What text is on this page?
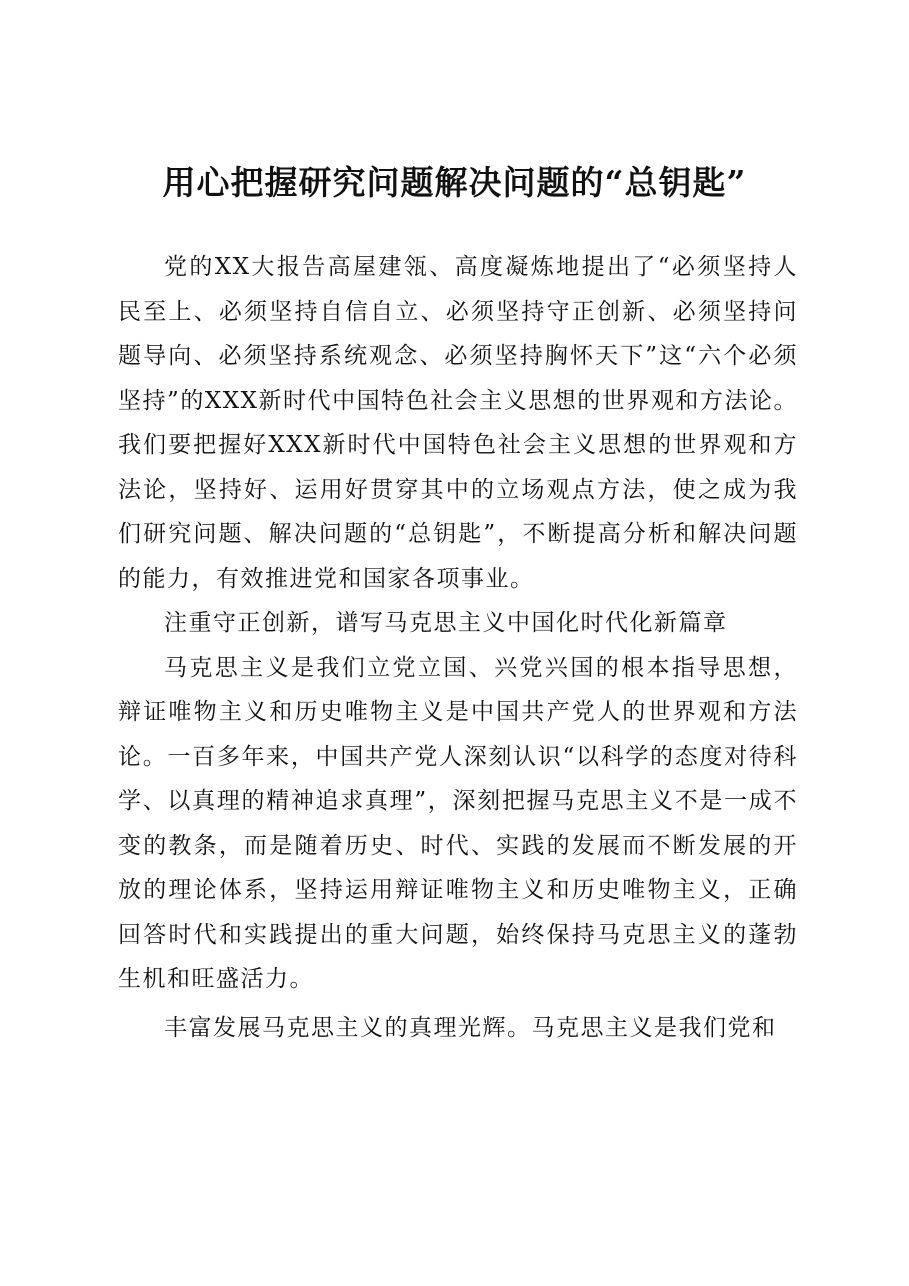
用心把握研究问题解决问题的“总钥匙”

党的XX大报告高屋建瓴、高度凝炼地提出了“必须坚持人民至上、必须坚持自信自立、必须坚持守正创新、必须坚持问题导向、必须坚持系统观念、必须坚持胸怀天下”这“六个必须坚持”的XXX新时代中国特色社会主义思想的世界观和方法论。我们要把握好XXX新时代中国特色社会主义思想的世界观和方法论，坚持好、运用好贯穿其中的立场观点方法，使之成为我们研究问题、解决问题的“总钥匙”，不断提高分析和解决问题的能力，有效推进党和国家各项事业。

注重守正创新，谱写马克思主义中国化时代化新篇章

马克思主义是我们立党立国、兴党兴国的根本指导思想，辩证唯物主义和历史唯物主义是中国共产党人的世界观和方法论。一百多年来，中国共产党人深刻认识“以科学的态度对待科学、以真理的精神追求真理”，深刻把握马克思主义不是一成不变的教条，而是随着历史、时代、实践的发展而不断发展的开放的理论体系，坚持运用辩证唯物主义和历史唯物主义，正确回答时代和实践提出的重大问题，始终保持马克思主义的蓬勃生机和旺盛活力。

丰富发展马克思主义的真理光辉。马克思主义是我们党和
